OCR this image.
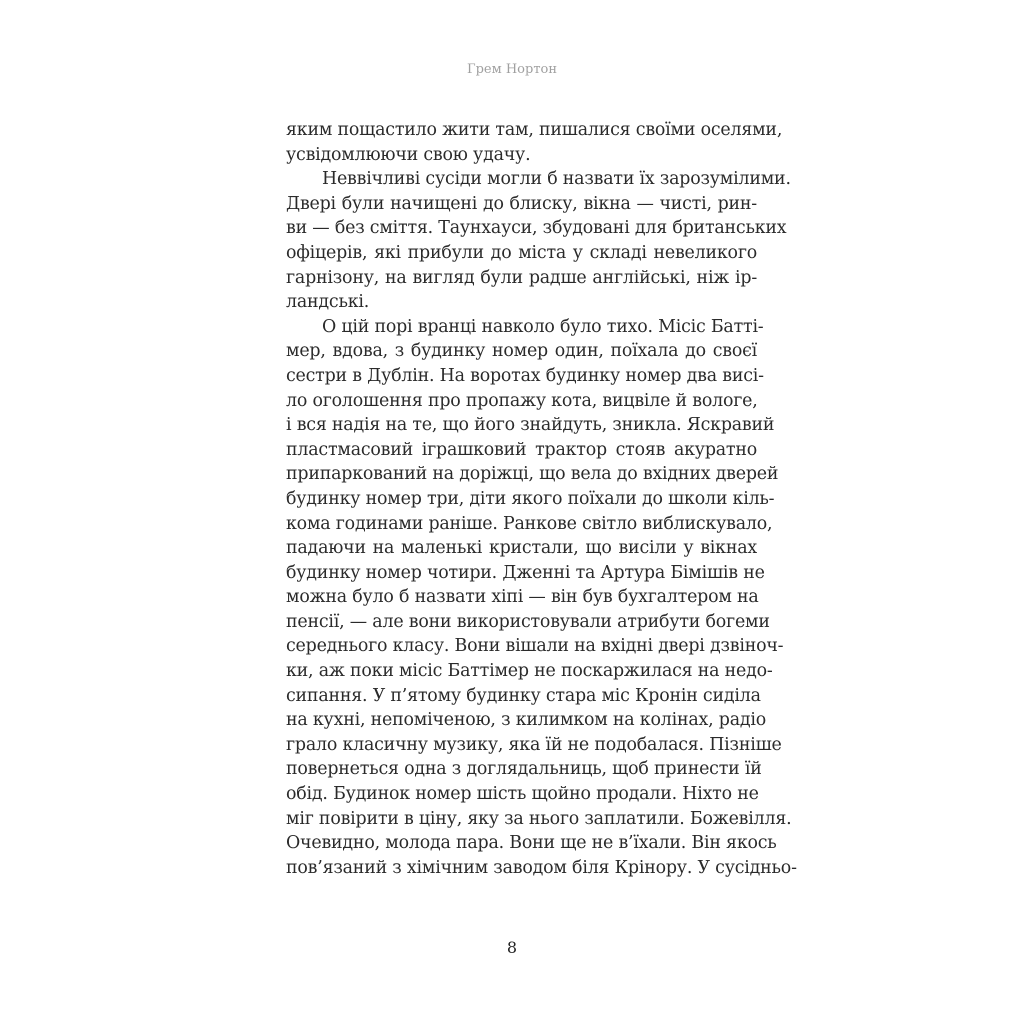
Грем Нортон
яким пощастило жити там, пишалися своїми оселями,
усвідомлюючи свою удачу.
Неввічливі сусіди могли б назвати їх зарозумілими.
Двері були начищені до блиску, вікна — чисті, рин-
ви — без сміття. Таунхауси, збудовані для британських
офіцерів, які прибули до міста у складі невеликого
гарнізону, на вигляд були радше англійські, ніж ір-
ландські.
О цій порі вранці навколо було тихо. Місіс Батті-
мер, вдова, з будинку номер один, поїхала до своєї
сестри в Дублін. На воротах будинку номер два висі-
ло оголошення про пропажу кота, вицвіле й вологе,
і вся надія на те, що його знайдуть, зникла. Яскравий
пластмасовий іграшковий трактор стояв акуратно
припаркований на доріжці, що вела до вхідних дверей
будинку номер три, діти якого поїхали до школи кіль-
кома годинами раніше. Ранкове світло виблискувало,
падаючи на маленькі кристали, що висіли у вікнах
будинку номер чотири. Дженні та Артура Бімішів не
можна було б назвати хіпі — він був бухгалтером на
пенсії, — але вони використовували атрибути богеми
середнього класу. Вони вішали на вхідні двері дзвіноч-
ки, аж поки місіс Баттімер не поскаржилася на недо-
сипання. У п’ятому будинку стара міс Кронін сиділа
на кухні, непоміченою, з килимком на колінах, радіо
грало класичну музику, яка їй не подобалася. Пізніше
повернеться одна з доглядальниць, щоб принести їй
обід. Будинок номер шість щойно продали. Ніхто не
міг повірити в ціну, яку за нього заплатили. Божевілля.
Очевидно, молода пара. Вони ще не в’їхали. Він якось
пов’язаний з хімічним заводом біля Крінору. У сусідньо-
8
